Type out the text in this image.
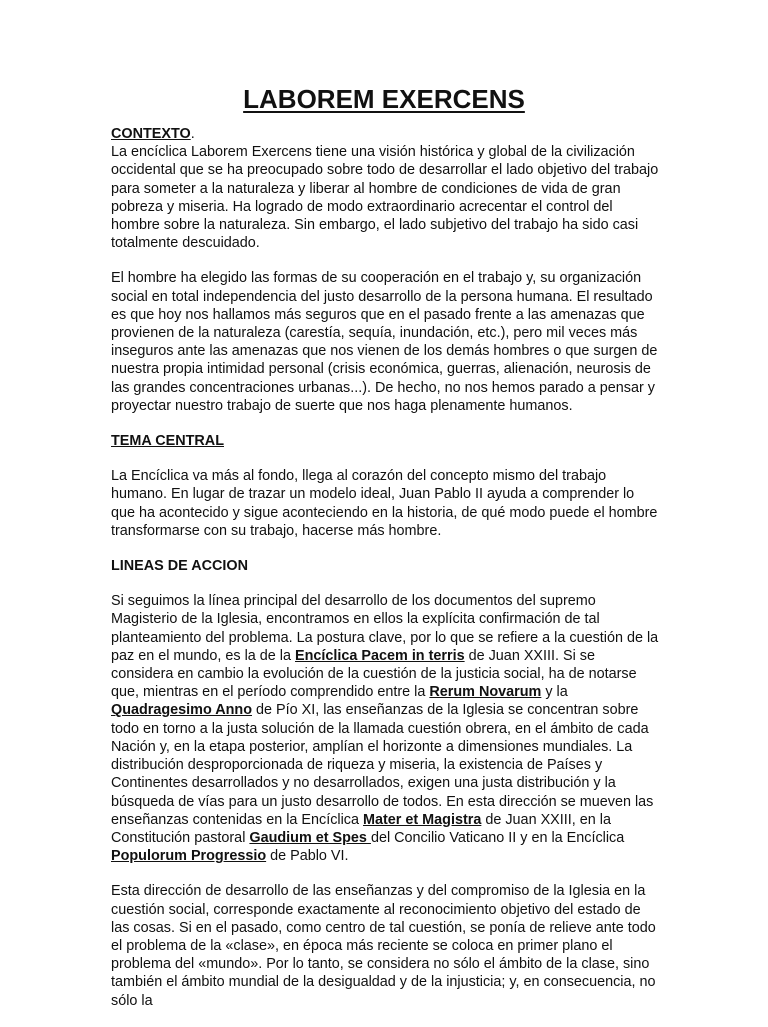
LABOREM EXERCENS

CONTEXTO.
La encíclica Laborem Exercens tiene una visión histórica y global de la civilización occidental que se ha preocupado sobre todo de desarrollar el lado objetivo del trabajo para someter a la naturaleza y liberar al hombre de condiciones de vida de gran pobreza y miseria. Ha logrado de modo extraordinario acrecentar el control del hombre sobre la naturaleza. Sin embargo, el lado subjetivo del trabajo ha sido casi totalmente descuidado.

El hombre ha elegido las formas de su cooperación en el trabajo y, su organización social en total independencia del justo desarrollo de la persona humana. El resultado es que hoy nos hallamos más seguros que en el pasado frente a las amenazas que provienen de la naturaleza (carestía, sequía, inundación, etc.), pero mil veces más inseguros ante las amenazas que nos vienen de los demás hombres o que surgen de nuestra propia intimidad personal (crisis económica, guerras, alienación, neurosis de las grandes concentraciones urbanas...). De hecho, no nos hemos parado a pensar y proyectar nuestro trabajo de suerte que nos haga plenamente humanos.

TEMA CENTRAL

La Encíclica va más al fondo, llega al corazón del concepto mismo del trabajo humano. En lugar de trazar un modelo ideal, Juan Pablo II ayuda a comprender lo que ha acontecido y sigue aconteciendo en la historia, de qué modo puede el hombre transformarse con su trabajo, hacerse más hombre.

LINEAS DE ACCION

Si seguimos la línea principal del desarrollo de los documentos del supremo Magisterio de la Iglesia, encontramos en ellos la explícita confirmación de tal planteamiento del problema. La postura clave, por lo que se refiere a la cuestión de la paz en el mundo, es la de la Encíclica Pacem in terris de Juan XXIII. Si se considera en cambio la evolución de la cuestión de la justicia social, ha de notarse que, mientras en el período comprendido entre la Rerum Novarum y la Quadragesimo Anno de Pío XI, las enseñanzas de la Iglesia se concentran sobre todo en torno a la justa solución de la llamada cuestión obrera, en el ámbito de cada Nación y, en la etapa posterior, amplían el horizonte a dimensiones mundiales. La distribución desproporcionada de riqueza y miseria, la existencia de Países y Continentes desarrollados y no desarrollados, exigen una justa distribución y la búsqueda de vías para un justo desarrollo de todos. En esta dirección se mueven las enseñanzas contenidas en la Encíclica Mater et Magistra de Juan XXIII, en la Constitución pastoral Gaudium et Spes del Concilio Vaticano II y en la Encíclica Populorum Progressio de Pablo VI.

Esta dirección de desarrollo de las enseñanzas y del compromiso de la Iglesia en la cuestión social, corresponde exactamente al reconocimiento objetivo del estado de las cosas. Si en el pasado, como centro de tal cuestión, se ponía de relieve ante todo el problema de la «clase», en época más reciente se coloca en primer plano el problema del «mundo». Por lo tanto, se considera no sólo el ámbito de la clase, sino también el ámbito mundial de la desigualdad y de la injusticia; y, en consecuencia, no sólo la
